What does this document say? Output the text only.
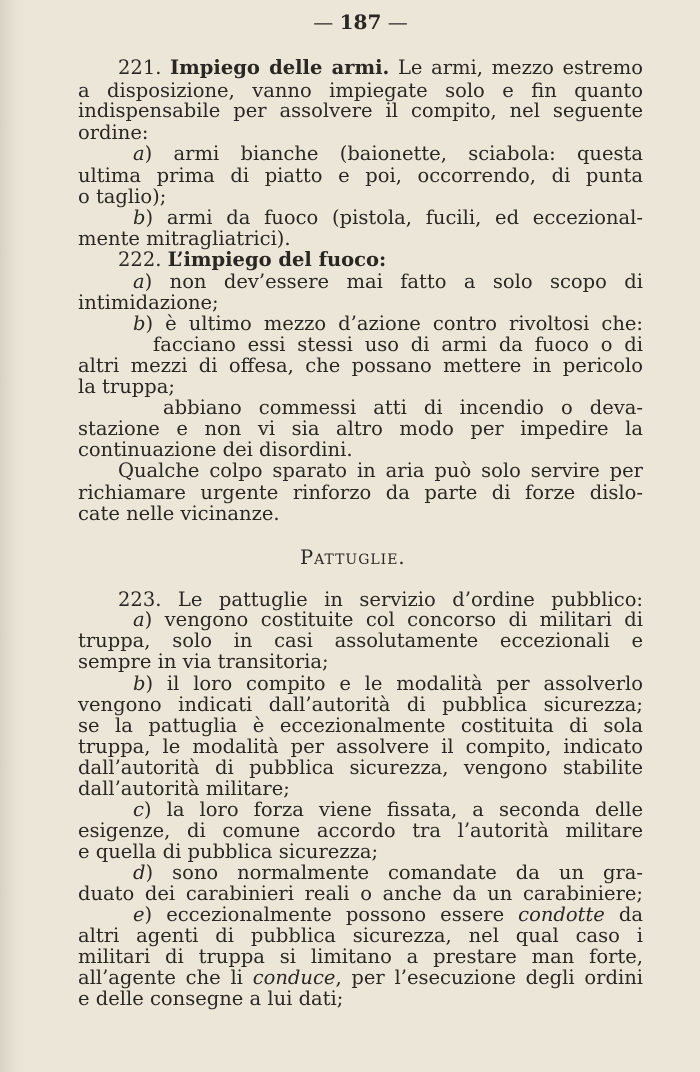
— 187 —
221. Impiego delle armi. Le armi, mezzo estremo
a disposizione, vanno impiegate solo e fin quanto
indispensabile per assolvere il compito, nel seguente
ordine:
a) armi bianche (baionette, sciabola: questa
ultima prima di piatto e poi, occorrendo, di punta
o taglio);
b) armi da fuoco (pistola, fucili, ed eccezional-
mente mitragliatrici).
222. L’impiego del fuoco:
a) non dev’essere mai fatto a solo scopo di
intimidazione;
b) è ultimo mezzo d’azione contro rivoltosi che:
facciano essi stessi uso di armi da fuoco o di
altri mezzi di offesa, che possano mettere in pericolo
la truppa;
abbiano commessi atti di incendio o deva-
stazione e non vi sia altro modo per impedire la
continuazione dei disordini.
Qualche colpo sparato in aria può solo servire per
richiamare urgente rinforzo da parte di forze dislo-
cate nelle vicinanze.
Pattuglie.
223. Le pattuglie in servizio d’ordine pubblico:
a) vengono costituite col concorso di militari di
truppa, solo in casi assolutamente eccezionali e
sempre in via transitoria;
b) il loro compito e le modalità per assolverlo
vengono indicati dall’autorità di pubblica sicurezza;
se la pattuglia è eccezionalmente costituita di sola
truppa, le modalità per assolvere il compito, indicato
dall’autorità di pubblica sicurezza, vengono stabilite
dall’autorità militare;
c) la loro forza viene fissata, a seconda delle
esigenze, di comune accordo tra l’autorità militare
e quella di pubblica sicurezza;
d) sono normalmente comandate da un gra-
duato dei carabinieri reali o anche da un carabiniere;
e) eccezionalmente possono essere condotte da
altri agenti di pubblica sicurezza, nel qual caso i
militari di truppa si limitano a prestare man forte,
all’agente che li conduce, per l’esecuzione degli ordini
e delle consegne a lui dati;
